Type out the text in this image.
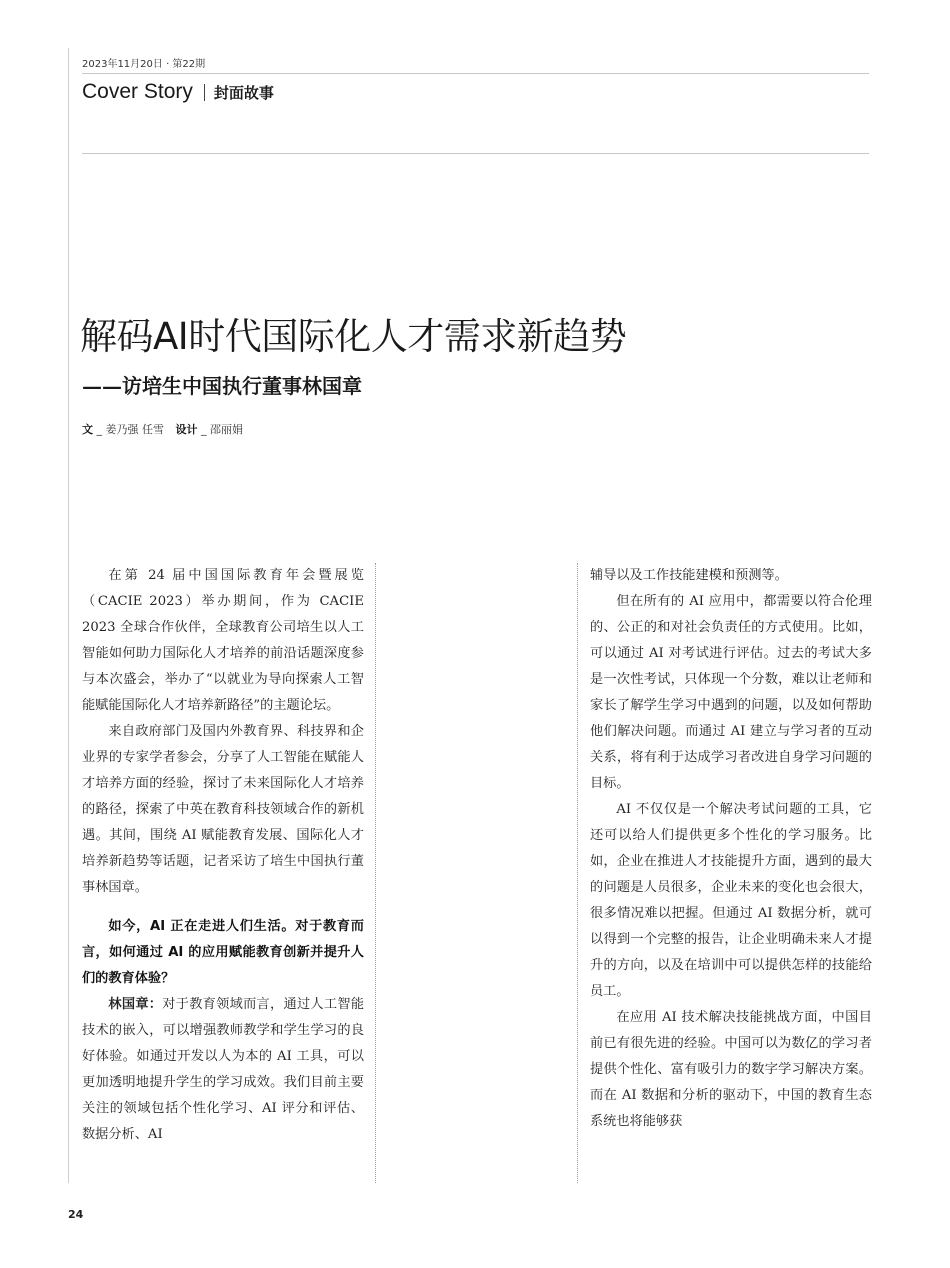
2023年11月20日 · 第22期
Cover Story 封面故事
解码AI时代国际化人才需求新趋势
——访培生中国执行董事林国章
文 _ 姜乃强 任雪 设计 _ 邵丽娟

在第 24 届中国国际教育年会暨展览（CACIE 2023）举办期间，作为 CACIE 2023 全球合作伙伴，全球教育公司培生以人工智能如何助力国际化人才培养的前沿话题深度参与本次盛会，举办了“以就业为导向探索人工智能赋能国际化人才培养新路径”的主题论坛。

来自政府部门及国内外教育界、科技界和企业界的专家学者参会，分享了人工智能在赋能人才培养方面的经验，探讨了未来国际化人才培养的路径，探索了中英在教育科技领域合作的新机遇。其间，围绕 AI 赋能教育发展、国际化人才培养新趋势等话题，记者采访了培生中国执行董事林国章。

如今，AI 正在走进人们生活。对于教育而言，如何通过 AI 的应用赋能教育创新并提升人们的教育体验？

林国章：对于教育领域而言，通过人工智能技术的嵌入，可以增强教师教学和学生学习的良好体验。如通过开发以人为本的 AI 工具，可以更加透明地提升学生的学习成效。我们目前主要关注的领域包括个性化学习、AI 评分和评估、数据分析、AI

辅导以及工作技能建模和预测等。

但在所有的 AI 应用中，都需要以符合伦理的、公正的和对社会负责任的方式使用。比如，可以通过 AI 对考试进行评估。过去的考试大多是一次性考试，只体现一个分数，难以让老师和家长了解学生学习中遇到的问题，以及如何帮助他们解决问题。而通过 AI 建立与学习者的互动关系，将有利于达成学习者改进自身学习问题的目标。

AI 不仅仅是一个解决考试问题的工具，它还可以给人们提供更多个性化的学习服务。比如，企业在推进人才技能提升方面，遇到的最大的问题是人员很多，企业未来的变化也会很大，很多情况难以把握。但通过 AI 数据分析，就可以得到一个完整的报告，让企业明确未来人才提升的方向，以及在培训中可以提供怎样的技能给员工。

在应用 AI 技术解决技能挑战方面，中国目前已有很先进的经验。中国可以为数亿的学习者提供个性化、富有吸引力的数字学习解决方案。而在 AI 数据和分析的驱动下，中国的教育生态系统也将能够获

24
